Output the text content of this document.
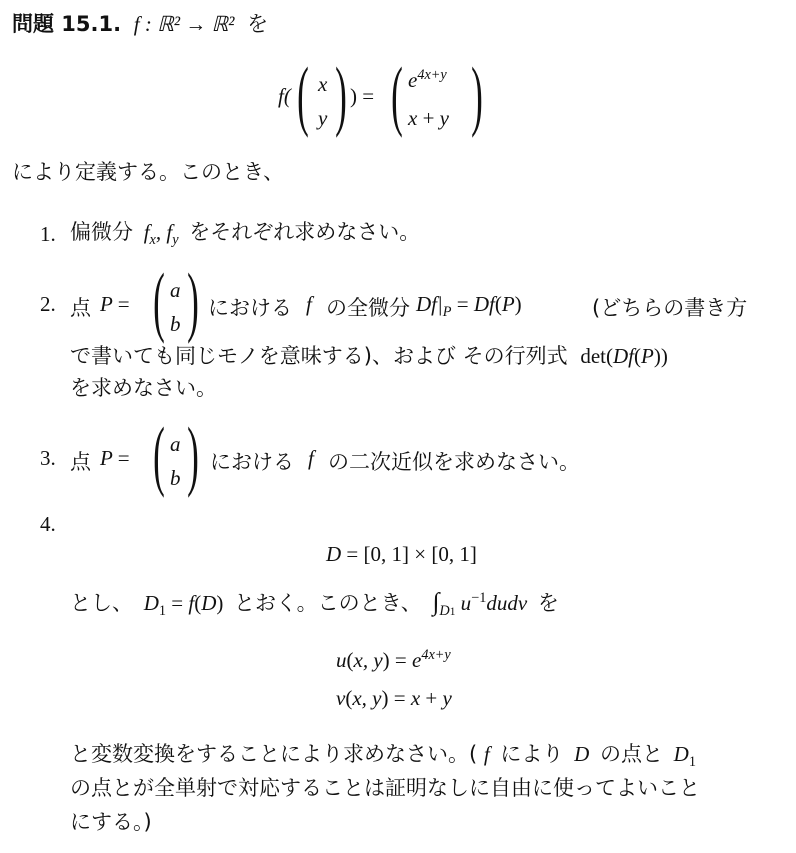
問題 15.1. f : ℝ² → ℝ² を
f( ( x
y ) ) = ( $e^{4x+y}$
x + y )
により定義する。このとき、
1. 偏微分 $f_x$, $f_y$ をそれぞれ求めなさい。
2. 点 P = ( a
b ) における f の全微分 $Df|_P = Df(P)$	(どちらの書き方
で書いても同じモノを意味する)、および その行列式 det(Df(P))
を求めなさい。
3. 点 P = ( a
b ) における f の二次近似を求めなさい。
4.
D = [0, 1] × [0, 1]
とし、 $D_1 = f(D)$ とおく。このとき、 $\int_{D1}$ $u^{-1}dudv$ を
u(x, $y) = e^{4x+y}$
v(x, y) = x + y
と変数変換をすることにより求めなさい。( f により D の点と $D_1$
の点とが全単射で対応することは証明なしに自由に使ってよいこと
にする。)
